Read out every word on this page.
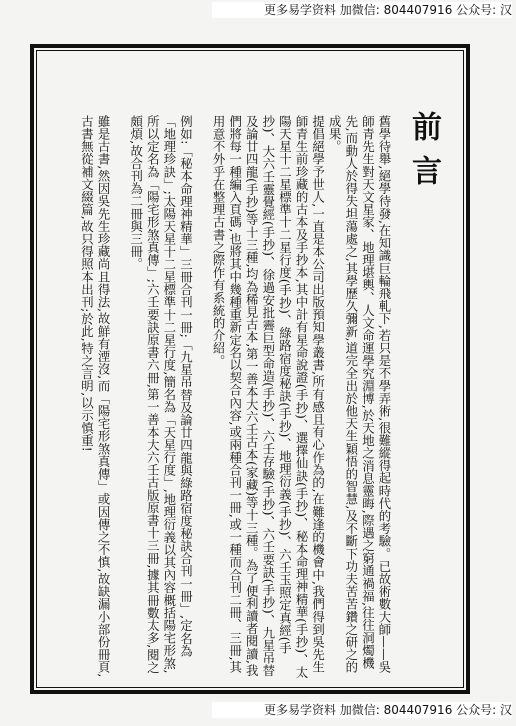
更多易学资料 加微信: 804407916 公众号: 汉
前言

舊學待舉,絕學待發,在知識巨輪飛軋下,若只是不學弄術,很難縱得起時代的考驗。已故術數大師——吳師青先生對天文星家、地理堪輿、人文命運學究淵博,於天地之消息靈晦,際遇之窮通禍福,往往洞燭機先,而動人於得失坦蕩處之,其學歷久彌新,道完全出於他天生穎悟的智慧,及不斷下功夫苦苦鑽之研之的成果。

提倡絕學予世人,一直是本公司出版預知學叢書,所有感且有心作為的,在難逢的機會中,我們得到吳先生師青生前珍藏的古本及手抄本,其中計有星命說證(手抄)、選擇仙訣(手抄)、秘本命理神精華(手抄)、太陽天星十二星標準十二星行度(手抄)、綠路宿度秘訣(手抄)、地理衍義(手抄)、六壬玉照定真經(手抄)、大六壬靈覺經(手抄)、徐過安批霽巨型命造(手抄)、六壬存驗(手抄)、六壬要訣(手抄)、九星吊替及論廿四龍(手抄)等十三種,均為稀見古本,第一善本大六壬古本(家藏)等十三種。為了便利讀者閱讀,我們將每一種編入頁碼,也將其中幾種重新定名以契合內容,或兩種合刊一冊,或一種而合刊二冊、三冊,其用意不外乎在整理古書之際作有系統的介紹。

例如:「秘本命理神精華」三冊合刊一冊;「九星吊替及論廿四龍與綠路宿度秘訣合刊一冊」,定名為「地理珍訣」;太陽天星十二星標準十二星行度,簡名為「天星行度」,地理衍義以其內容概括陽宅形煞,所以定名為「陽宅形煞真傳」;六壬要訣原書六冊,第一善本大六壬古版原書十三冊,據其冊數太多,閱之頗煩,故合刊為二冊與三冊。

雖是古書,然因吳先生珍藏尚且得法,故鮮有湮沒,而「陽宅形煞真傳」或因傳之不慎,故缺漏小部份冊頁,古書無從補文綴篇,故只得照本出刊;於此,特之言明,以示慎重!

更多易学资料 加微信: 804407916 公众号: 汉
